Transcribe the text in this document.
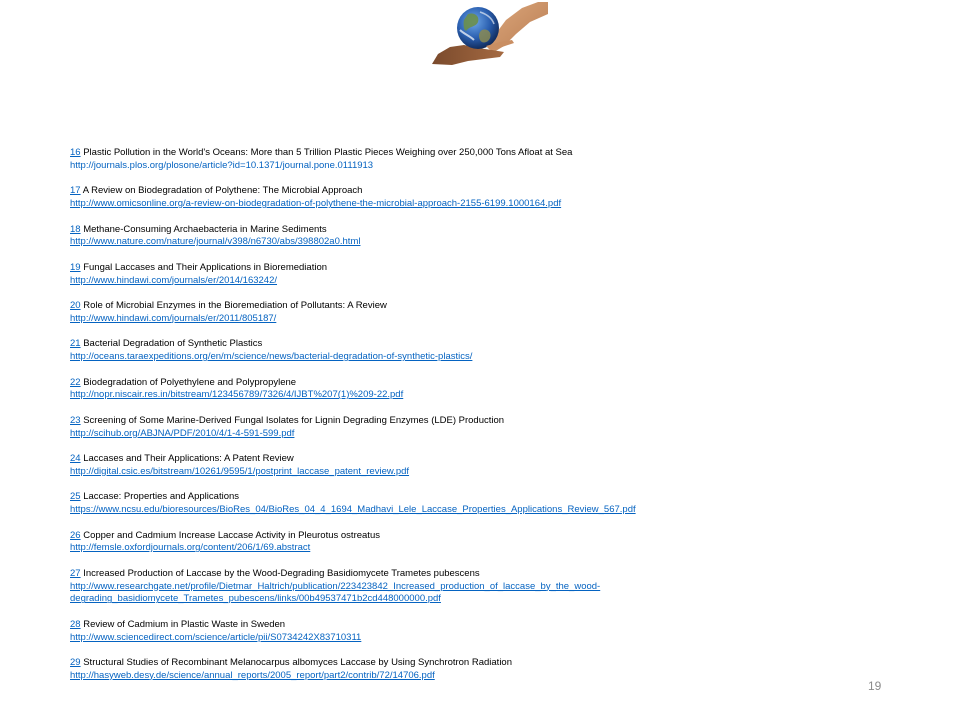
16 Plastic Pollution in the World's Oceans: More than 5 Trillion Plastic Pieces Weighing over 250,000 Tons Afloat at Sea
http://journals.plos.org/plosone/article?id=10.1371/journal.pone.0111913
17 A Review on Biodegradation of Polythene: The Microbial Approach
http://www.omicsonline.org/a-review-on-biodegradation-of-polythene-the-microbial-approach-2155-6199.1000164.pdf
18 Methane-Consuming Archaebacteria in Marine Sediments
http://www.nature.com/nature/journal/v398/n6730/abs/398802a0.html
19 Fungal Laccases and Their Applications in Bioremediation
http://www.hindawi.com/journals/er/2014/163242/
20 Role of Microbial Enzymes in the Bioremediation of Pollutants: A Review
http://www.hindawi.com/journals/er/2011/805187/
21 Bacterial Degradation of Synthetic Plastics
http://oceans.taraexpeditions.org/en/m/science/news/bacterial-degradation-of-synthetic-plastics/
22 Biodegradation of Polyethylene and Polypropylene
http://nopr.niscair.res.in/bitstream/123456789/7326/4/IJBT%207(1)%209-22.pdf
23 Screening of Some Marine-Derived Fungal Isolates for Lignin Degrading Enzymes (LDE) Production
http://scihub.org/ABJNA/PDF/2010/4/1-4-591-599.pdf
24 Laccases and Their Applications: A Patent Review
http://digital.csic.es/bitstream/10261/9595/1/postprint_laccase_patent_review.pdf
25 Laccase: Properties and Applications
https://www.ncsu.edu/bioresources/BioRes_04/BioRes_04_4_1694_Madhavi_Lele_Laccase_Properties_Applications_Review_567.pdf
26 Copper and Cadmium Increase Laccase Activity in Pleurotus ostreatus
http://femsle.oxfordjournals.org/content/206/1/69.abstract
27 Increased Production of Laccase by the Wood-Degrading Basidiomycete Trametes pubescens
http://www.researchgate.net/profile/Dietmar_Haltrich/publication/223423842_Increased_production_of_laccase_by_the_wood-
degrading_basidiomycete_Trametes_pubescens/links/00b49537471b2cd448000000.pdf
28 Review of Cadmium in Plastic Waste in Sweden
http://www.sciencedirect.com/science/article/pii/S0734242X83710311
29 Structural Studies of Recombinant Melanocarpus albomyces Laccase by Using Synchrotron Radiation
http://hasyweb.desy.de/science/annual_reports/2005_report/part2/contrib/72/14706.pdf
19
